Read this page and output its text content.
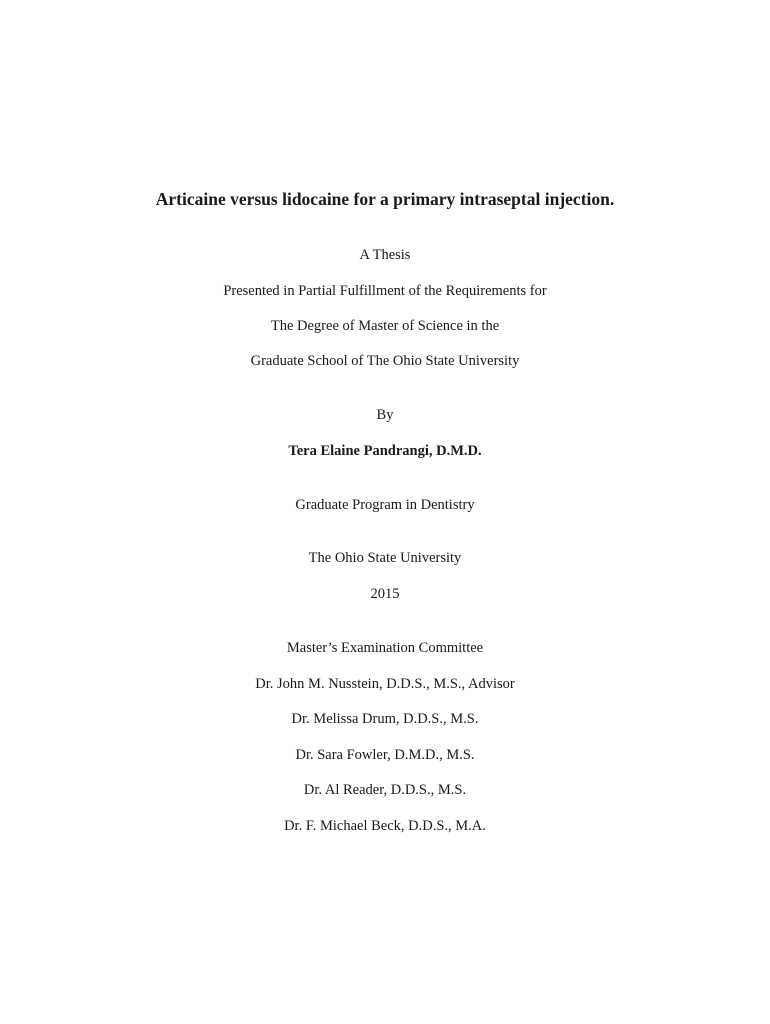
Articaine versus lidocaine for a primary intraseptal injection.
A Thesis
Presented in Partial Fulfillment of the Requirements for
The Degree of Master of Science in the
Graduate School of The Ohio State University
By
Tera Elaine Pandrangi, D.M.D.
Graduate Program in Dentistry
The Ohio State University
2015
Master’s Examination Committee
Dr. John M. Nusstein, D.D.S., M.S., Advisor
Dr. Melissa Drum, D.D.S., M.S.
Dr. Sara Fowler, D.M.D., M.S.
Dr. Al Reader, D.D.S., M.S.
Dr. F. Michael Beck, D.D.S., M.A.
